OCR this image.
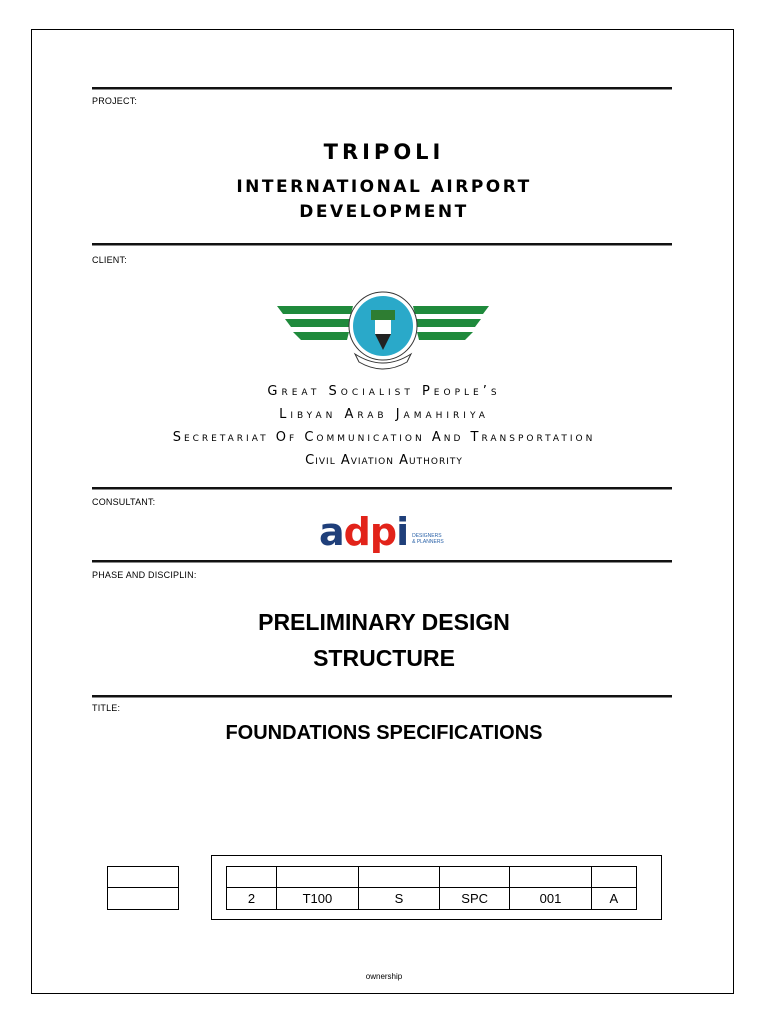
PROJECT:
TRIPOLI
INTERNATIONAL AIRPORT
DEVELOPMENT
CLIENT:
Great Socialist People’s
Libyan Arab Jamahiriya
Secretariat Of Communication And Transportation
Civil Aviation Authority
CONSULTANT:
adpi DESIGNERS
& PLANNERS
PHASE AND DISCIPLIN:
PRELIMINARY DESIGN
STRUCTURE
TITLE:
FOUNDATIONS SPECIFICATIONS

2	T100	S	SPC	001	A
ownership
